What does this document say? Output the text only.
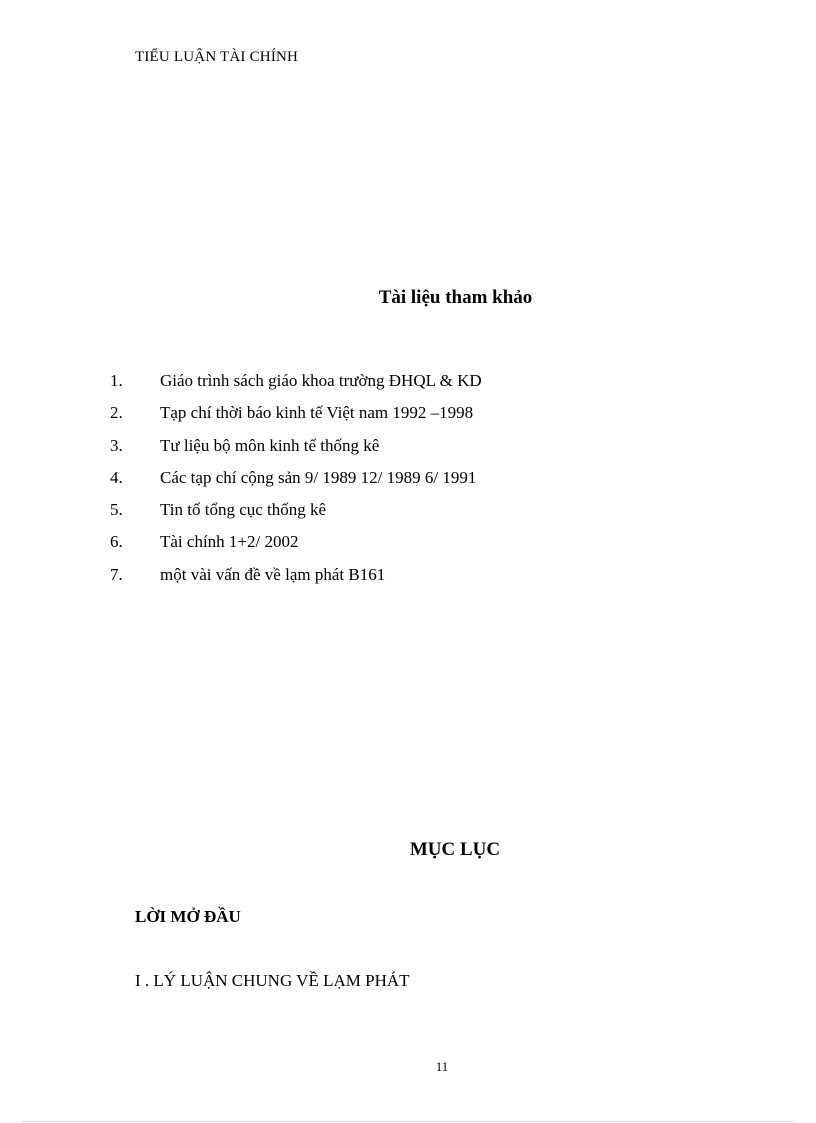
TIỂU LUẬN TÀI CHÍNH
Tài liệu tham khảo
1. Giáo trình sách giáo khoa trường ĐHQL & KD
2. Tạp chí thời báo kinh tế Việt nam 1992 –1998
3. Tư liệu bộ môn kinh tế thống kê
4. Các tạp chí cộng sản 9/ 1989 12/ 1989 6/ 1991
5. Tin tố tổng cục thống kê
6. Tài chính 1+2/ 2002
7. một vài vấn đề về lạm phát B161
MỤC LỤC
LỜI MỞ ĐẦU
I . LÝ LUẬN CHUNG VỀ LẠM PHÁT
11
